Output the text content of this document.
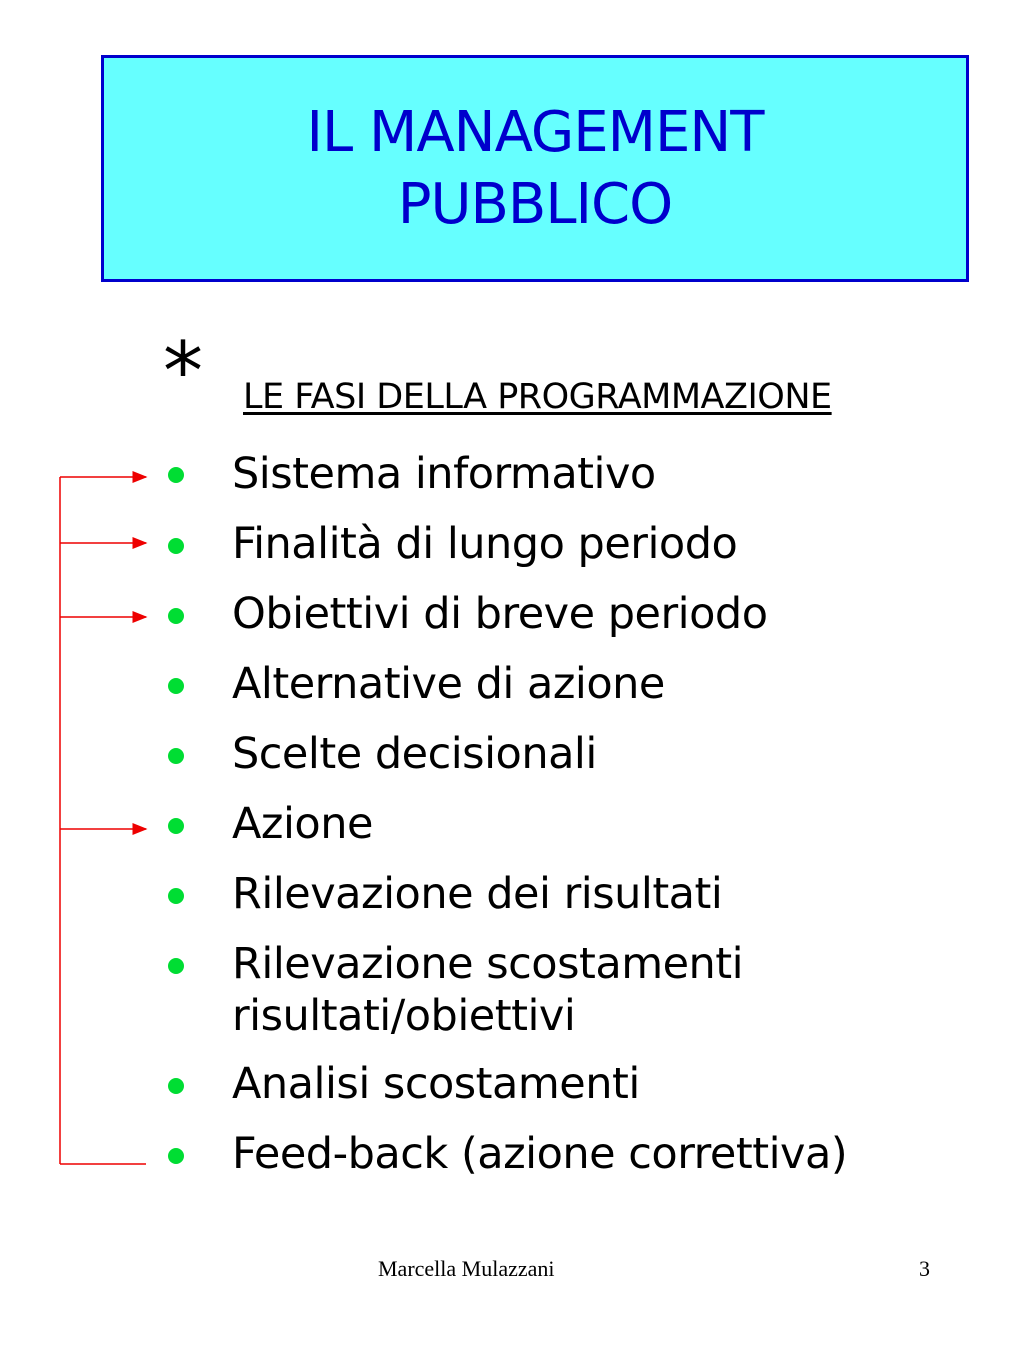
IL MANAGEMENT
PUBBLICO
* LE FASI DELLA PROGRAMMAZIONE
Sistema informativo
Finalità di lungo periodo
Obiettivi di breve periodo
Alternative di azione
Scelte decisionali
Azione
Rilevazione dei risultati
Rilevazione scostamenti
risultati/obiettivi
Analisi scostamenti
Feed-back (azione correttiva)
Marcella Mulazzani	3
